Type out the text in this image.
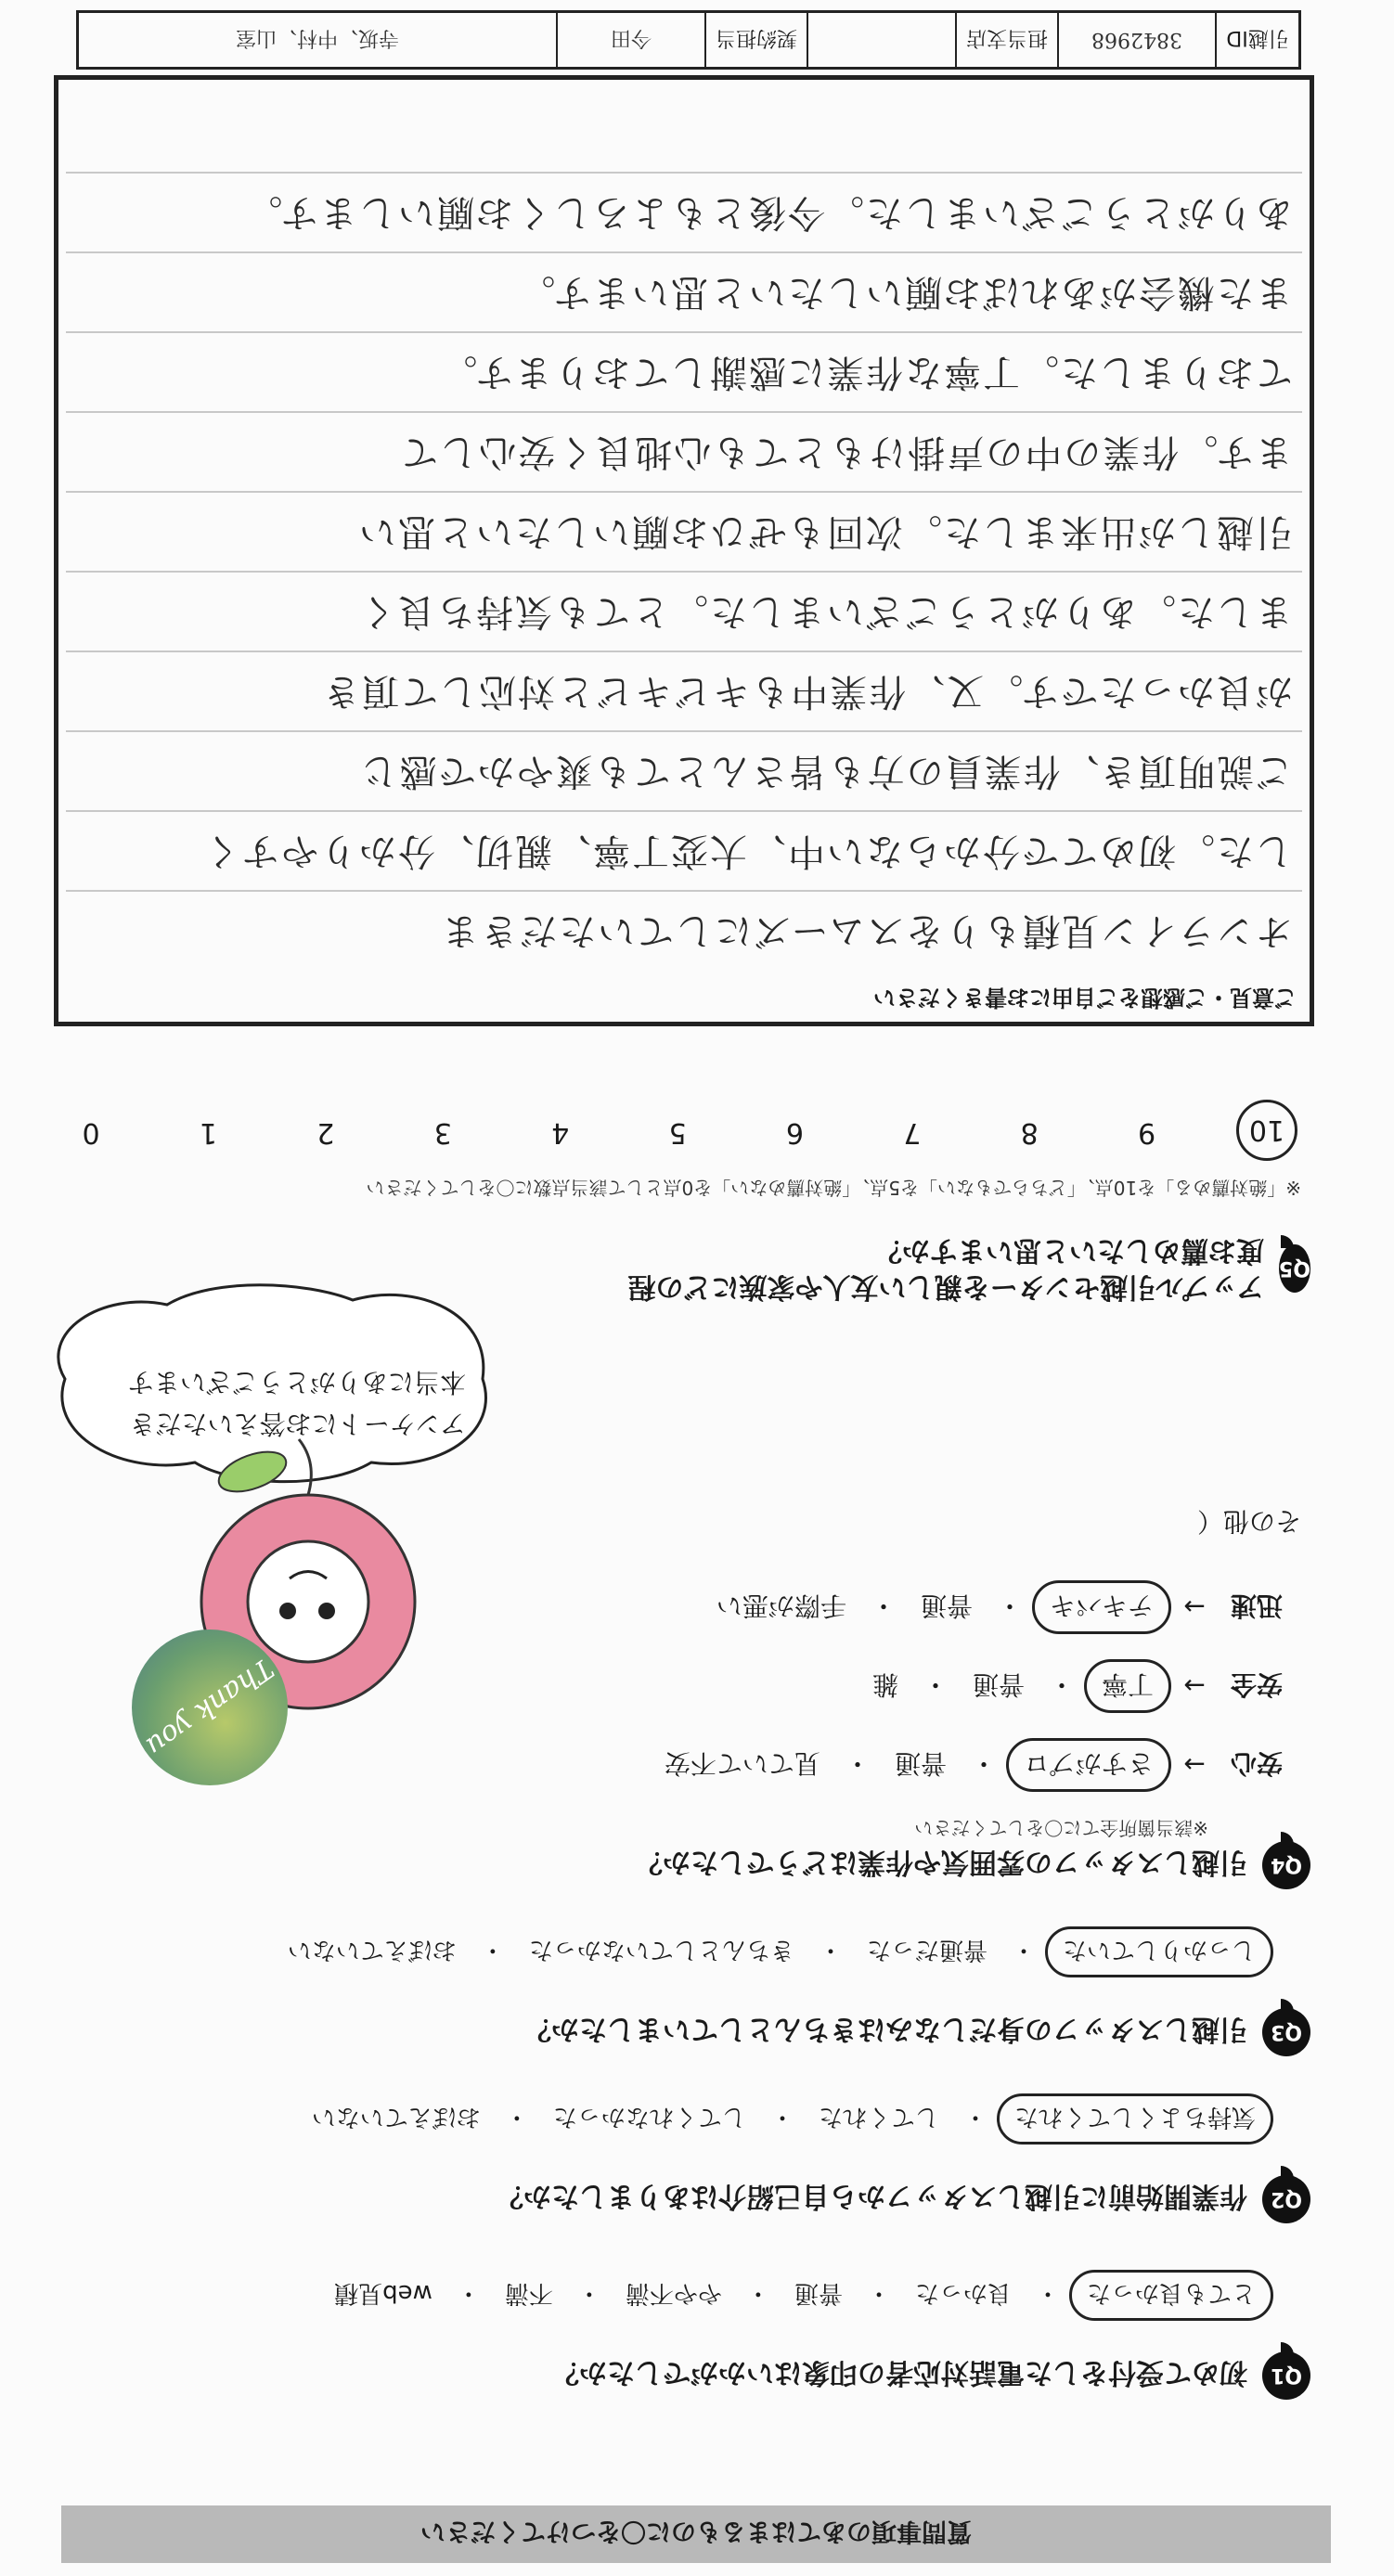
引越ID
3842968
担当支店
契約担当
今田
寺坂、中村、山室
ご意見・ご感想をご自由にお書きください
オンライン見積もりをスムーズにしていただきま
した。初めてで分からない中、大変丁寧、親切、分かりやすく
ご説明頂き、作業員の方も皆さんとても爽やかで感じ
が良かったです。又、作業中もキビキビと対応して頂き
ました。ありがとうございました。とても気持ち良く
引越しが出来ました。次回もぜひお願いしたいと思い
ます。作業の中の声掛けもとても心地良く安心して
ておりました。丁寧な作業に感謝しております。
また機会があればお願いしたいと思います。
ありがとうございました。今後ともよろしくお願いします。
10
9
8
7
6
5
4
3
2
1
0
※「絶対薦める」を10点、「どちらでもない」を5点、「絶対薦めない」を0点として該当点数に〇をしてください
Q5
アップル引越センターを親しい友人や家族にどの程度お薦めしたいと思いますか？
アンケートにお答えいただき
本当にありがとうございます
Thank you
その他（
迅速
→
テキパキ
・
普通
・
手際が悪い
安全
→
丁寧
・
普通
・
雑
安心
→
さすがプロ
・
普通
・
見ていて不安
※該当箇所全てに〇をしてください
Q4
引越しスタッフの雰囲気や作業はどうでしたか？
しっかりしていた
・
普通だった
・
きちんとしていなかった
・
おぼえていない
Q3
引越しスタッフの身だしなみはきちんとしていましたか？
気持ちよくしてくれた
・
してくれた
・
してくれなかった
・
おぼえていない
Q2
作業開始前に引越しスタッフから自己紹介はありましたか？
とても良かった
・
良かった
・
普通
・
やや不満
・
不満
・
web見積
Q1
初めて受付をした電話対応者の印象はいかがでしたか？
質問事項のあてはまるものに〇をつけてください
